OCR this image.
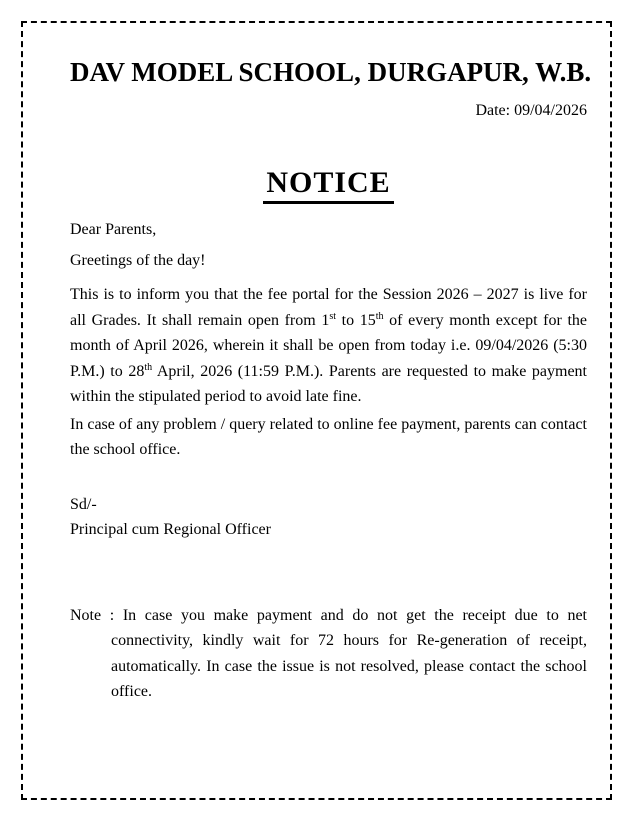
DAV MODEL SCHOOL, DURGAPUR, W.B.
Date: 09/04/2026
NOTICE

Dear Parents,

Greetings of the day!

This is to inform you that the fee portal for the Session 2026 – 2027 is live for all Grades. It shall remain open from 1st to 15th of every month except for the month of April 2026, wherein it shall be open from today i.e. 09/04/2026 (5:30 P.M.) to 28th April, 2026 (11:59 P.M.). Parents are requested to make payment within the stipulated period to avoid late fine.

In case of any problem / query related to online fee payment, parents can contact the school office.

Sd/-
Principal cum Regional Officer
Note : In case you make payment and do not get the receipt due to net connectivity, kindly wait for 72 hours for Re-generation of receipt, automatically. In case the issue is not resolved, please contact the school office.
